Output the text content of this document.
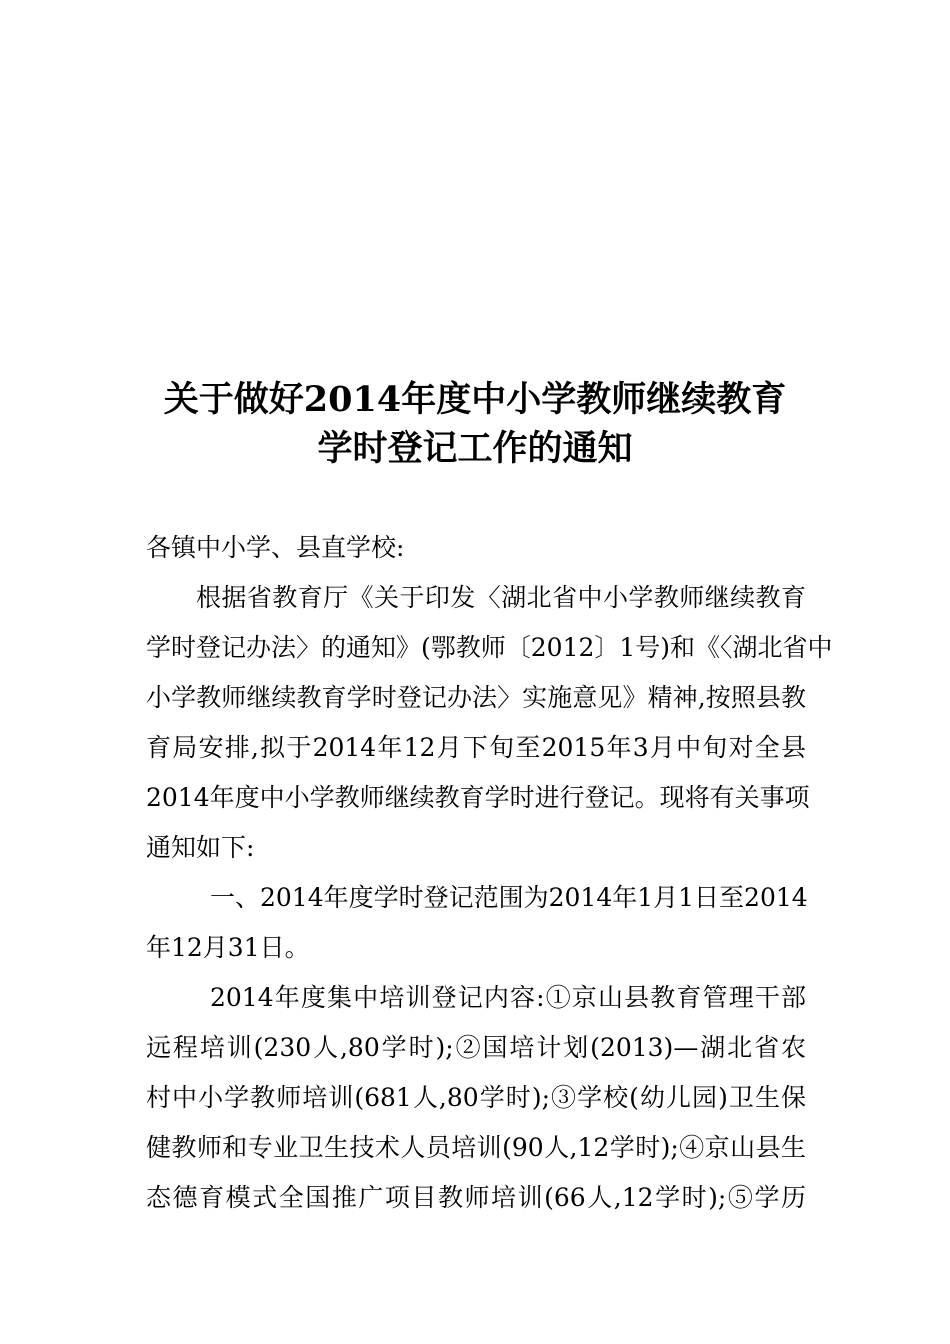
关于做好2014年度中小学教师继续教育
学时登记工作的通知
各镇中小学、县直学校:
根据省教育厅《关于印发〈湖北省中小学教师继续教育
学时登记办法〉的通知》(鄂教师〔2012〕1号)和《〈湖北省中
小学教师继续教育学时登记办法〉实施意见》精神,按照县教
育局安排,拟于2014年12月下旬至2015年3月中旬对全县
2014年度中小学教师继续教育学时进行登记。现将有关事项
通知如下:
一、2014年度学时登记范围为2014年1月1日至2014
年12月31日。
2014年度集中培训登记内容:①京山县教育管理干部
远程培训(230人,80学时);②国培计划(2013)—湖北省农
村中小学教师培训(681人,80学时);③学校(幼儿园)卫生保
健教师和专业卫生技术人员培训(90人,12学时);④京山县生
态德育模式全国推广项目教师培训(66人,12学时);⑤学历
